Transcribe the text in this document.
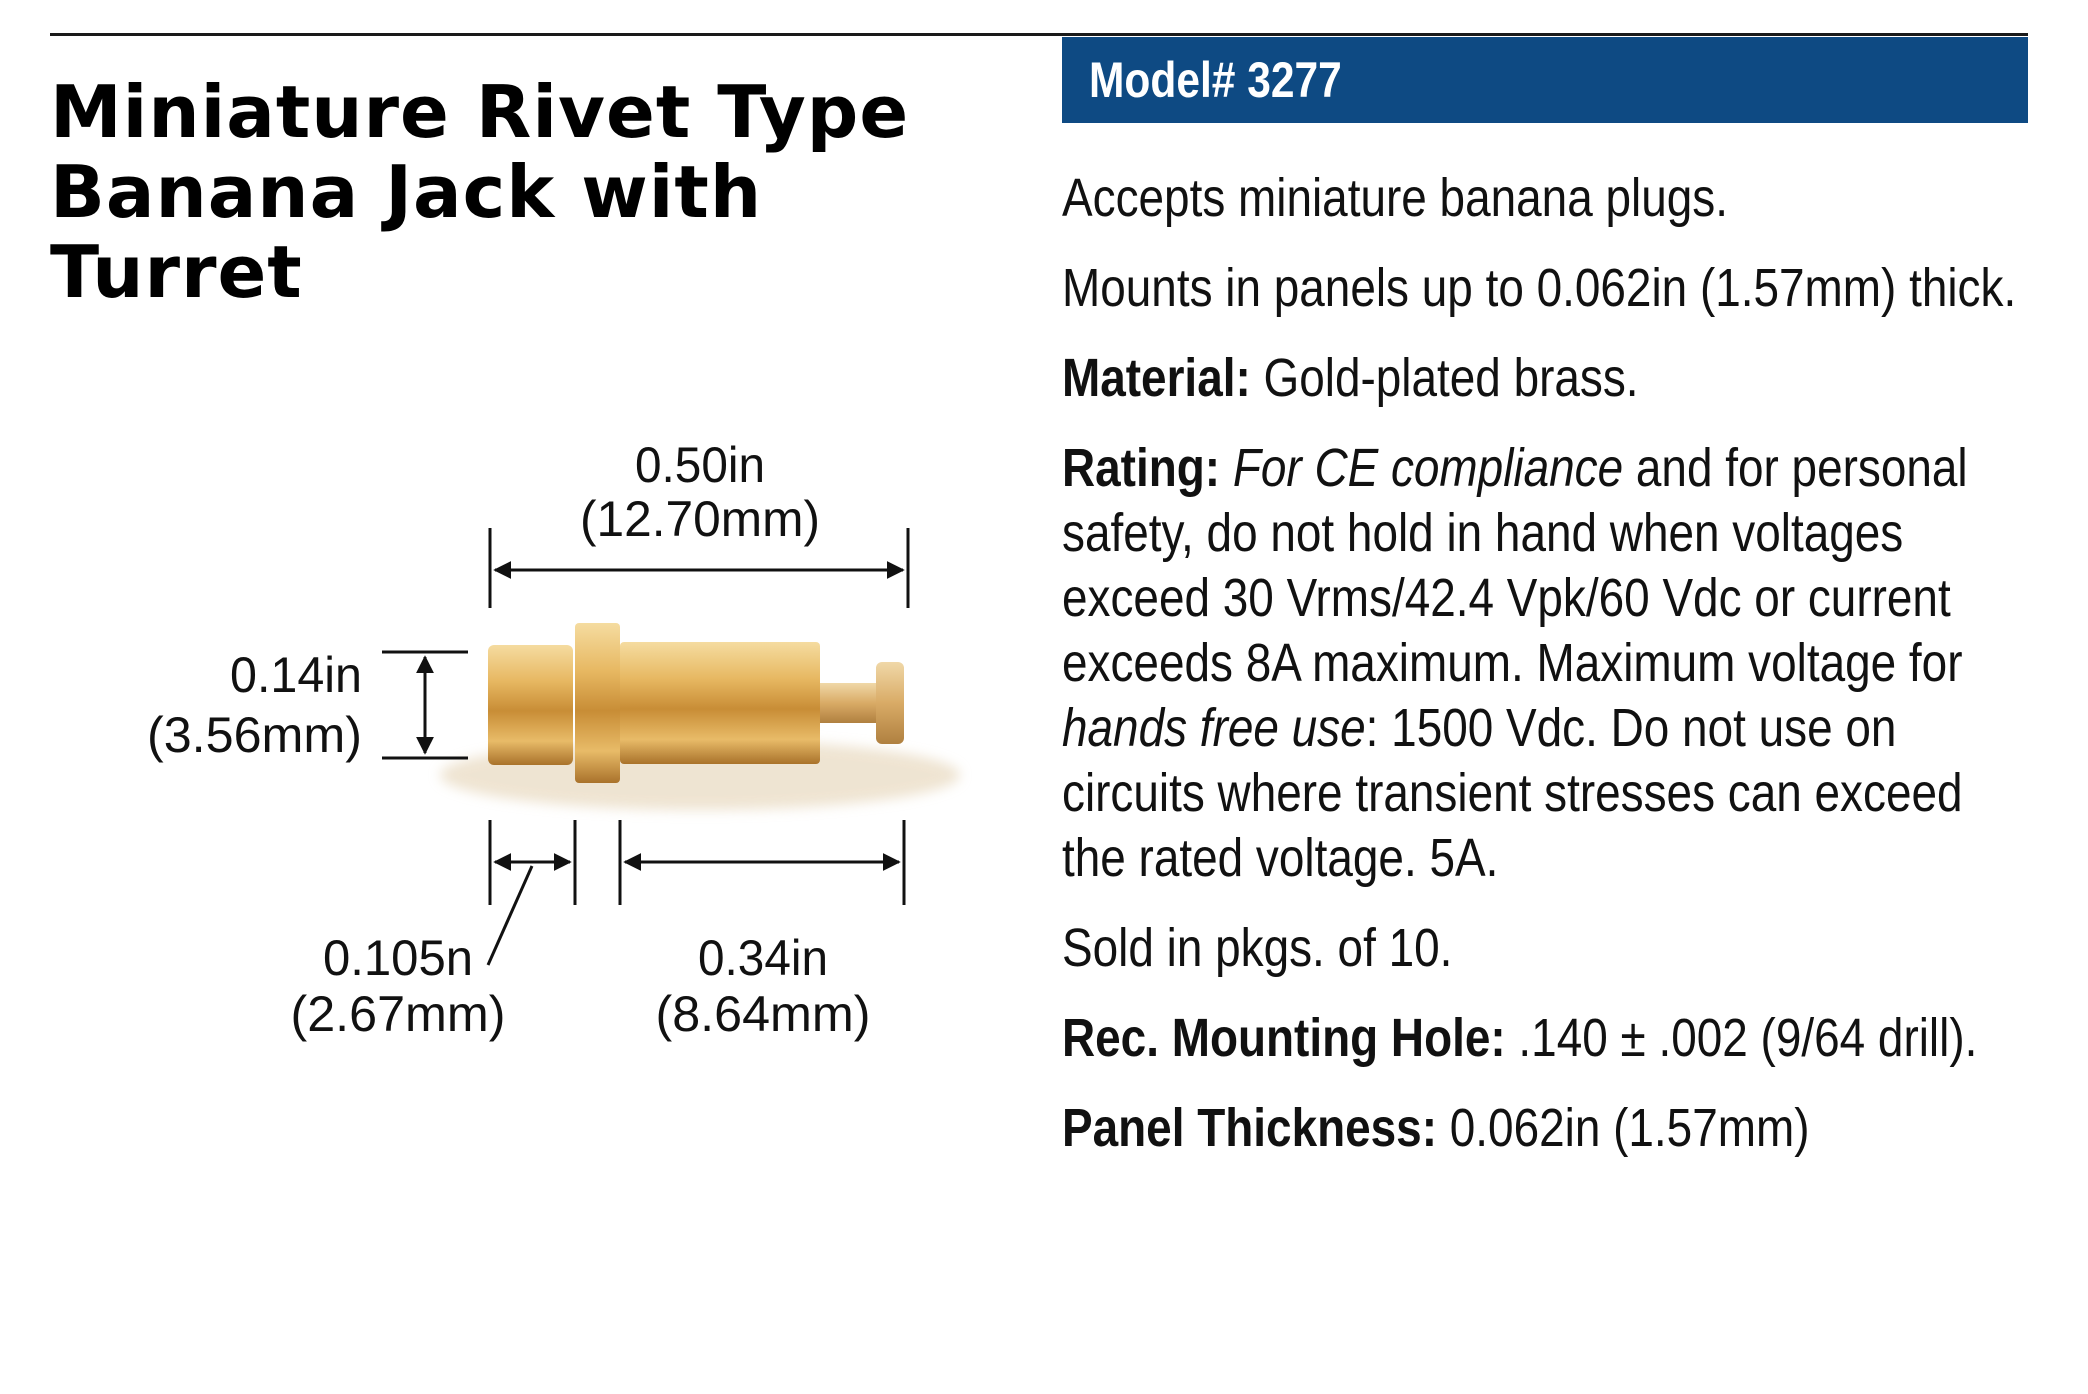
Miniature Rivet Type
Banana Jack with
Turret
Model# 3277

Accepts miniature banana plugs.

Mounts in panels up to 0.062in (1.57mm) thick.

Material: Gold-plated brass.

Rating: For CE compliance and for personal safety, do not hold in hand when voltages exceed 30 Vrms/42.4 Vpk/60 Vdc or current exceeds 8A maximum. Maximum voltage for hands free use: 1500 Vdc. Do not use on circuits where transient stresses can exceed the rated voltage. 5A.

Sold in pkgs. of 10.

Rec. Mounting Hole: .140 ± .002 (9/64 drill).

Panel Thickness: 0.062in (1.57mm)

0.50in
(12.70mm)
0.14in
(3.56mm)
0.105n
(2.67mm)
0.34in
(8.64mm)
